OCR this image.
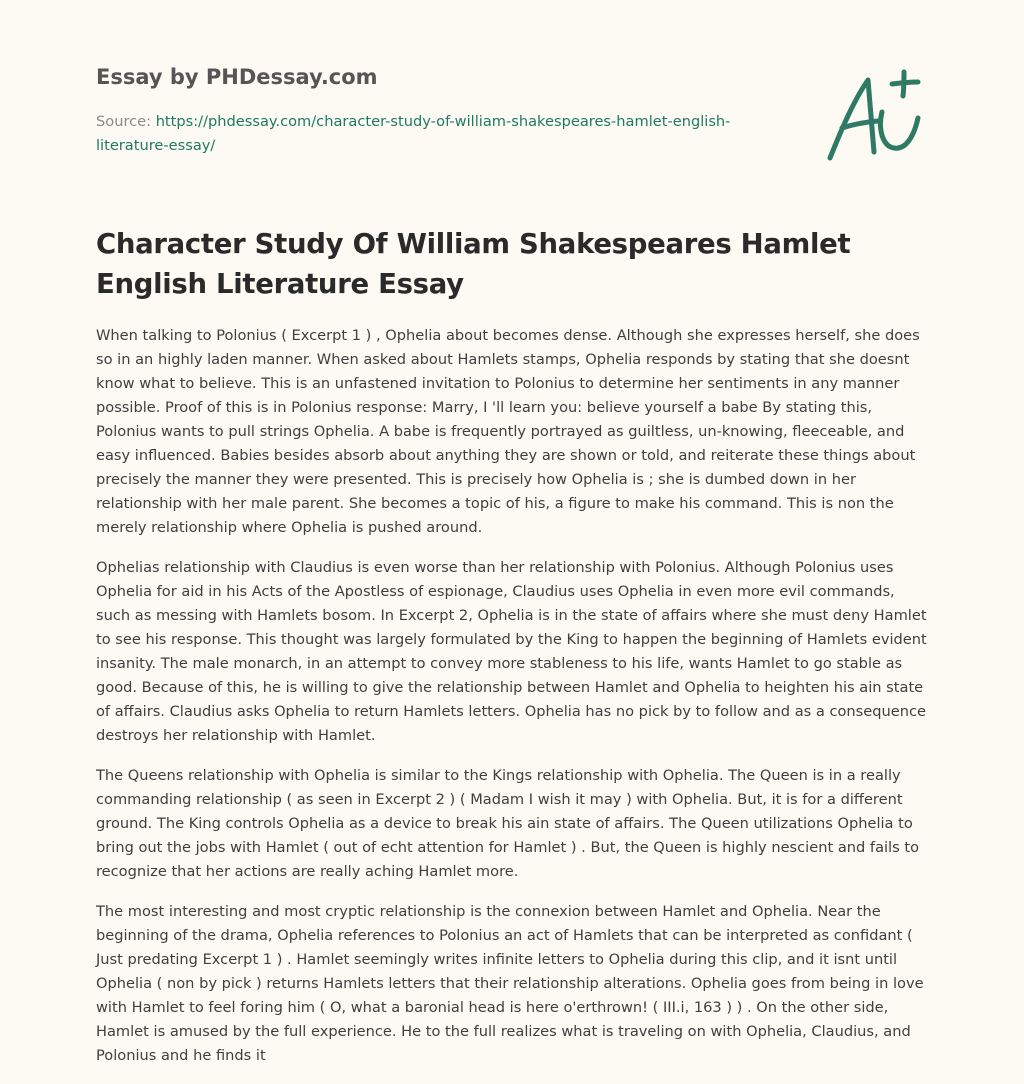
Essay by PHDessay.com
Source: https://phdessay.com/character-study-of-william-shakespeares-hamlet-english-literature-essay/
Character Study Of William Shakespeares Hamlet English Literature Essay

When talking to Polonius ( Excerpt 1 ) , Ophelia about becomes dense. Although she expresses herself, she does so in an highly laden manner. When asked about Hamlets stamps, Ophelia responds by stating that she doesnt know what to believe. This is an unfastened invitation to Polonius to determine her sentiments in any manner possible. Proof of this is in Polonius response: Marry, I 'll learn you: believe yourself a babe By stating this, Polonius wants to pull strings Ophelia. A babe is frequently portrayed as guiltless, un-knowing, fleeceable, and easy influenced. Babies besides absorb about anything they are shown or told, and reiterate these things about precisely the manner they were presented. This is precisely how Ophelia is ; she is dumbed down in her relationship with her male parent. She becomes a topic of his, a figure to make his command. This is non the merely relationship where Ophelia is pushed around.

Ophelias relationship with Claudius is even worse than her relationship with Polonius. Although Polonius uses Ophelia for aid in his Acts of the Apostless of espionage, Claudius uses Ophelia in even more evil commands, such as messing with Hamlets bosom. In Excerpt 2, Ophelia is in the state of affairs where she must deny Hamlet to see his response. This thought was largely formulated by the King to happen the beginning of Hamlets evident insanity. The male monarch, in an attempt to convey more stableness to his life, wants Hamlet to go stable as good. Because of this, he is willing to give the relationship between Hamlet and Ophelia to heighten his ain state of affairs. Claudius asks Ophelia to return Hamlets letters. Ophelia has no pick by to follow and as a consequence destroys her relationship with Hamlet.

The Queens relationship with Ophelia is similar to the Kings relationship with Ophelia. The Queen is in a really commanding relationship ( as seen in Excerpt 2 ) ( Madam I wish it may ) with Ophelia. But, it is for a different ground. The King controls Ophelia as a device to break his ain state of affairs. The Queen utilizations Ophelia to bring out the jobs with Hamlet ( out of echt attention for Hamlet ) . But, the Queen is highly nescient and fails to recognize that her actions are really aching Hamlet more.

The most interesting and most cryptic relationship is the connexion between Hamlet and Ophelia. Near the beginning of the drama, Ophelia references to Polonius an act of Hamlets that can be interpreted as confidant ( Just predating Excerpt 1 ) . Hamlet seemingly writes infinite letters to Ophelia during this clip, and it isnt until Ophelia ( non by pick ) returns Hamlets letters that their relationship alterations. Ophelia goes from being in love with Hamlet to feel foring him ( O, what a baronial head is here o'erthrown! ( III.i, 163 ) ) . On the other side, Hamlet is amused by the full experience. He to the full realizes what is traveling on with Ophelia, Claudius, and Polonius and he finds it
